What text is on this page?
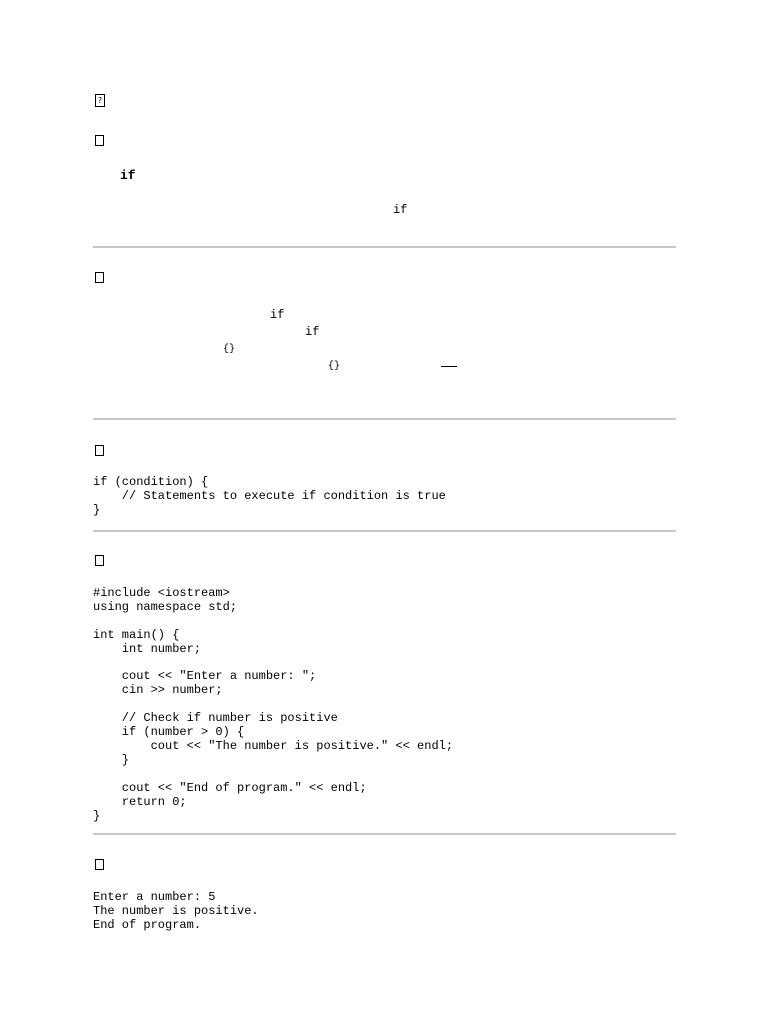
?
if
if
if
if
{}
{}
if (condition) {
// Statements to execute if condition is true
}
#include <iostream>
using namespace std;

int main() {
int number;

cout << "Enter a number: ";
cin >> number;

// Check if number is positive
if (number > 0) {
cout << "The number is positive." << endl;
}

cout << "End of program." << endl;
return 0;
}
Enter a number: 5
The number is positive.
End of program.
